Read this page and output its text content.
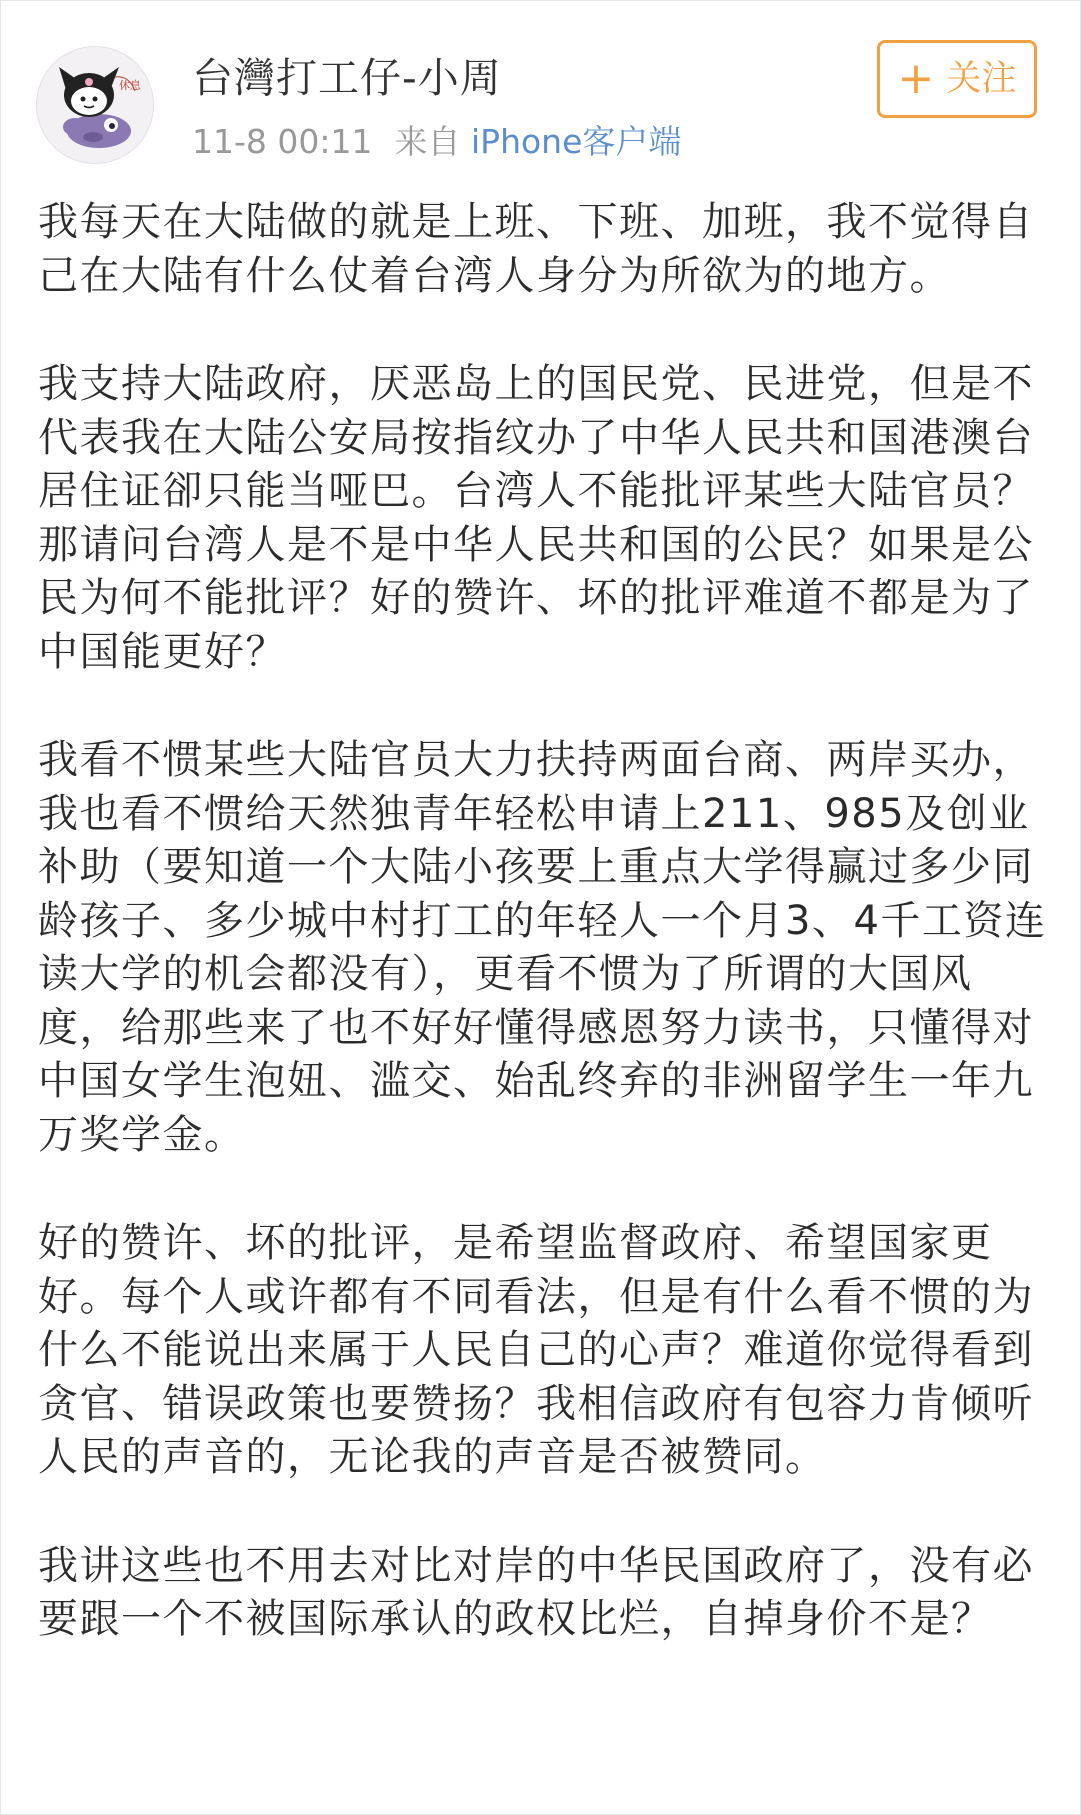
休息 台灣打工仔-小周
11-8 00:11 来自 iPhone客户端
+ 关注

我每天在大陆做的就是上班、下班、加班，我不觉得自己在大陆有什么仗着台湾人身分为所欲为的地方。

我支持大陆政府，厌恶岛上的国民党、民进党，但是不代表我在大陆公安局按指纹办了中华人民共和国港澳台居住证卻只能当哑巴。台湾人不能批评某些大陆官员？那请问台湾人是不是中华人民共和国的公民？如果是公民为何不能批评？好的赞许、坏的批评难道不都是为了中国能更好？

我看不惯某些大陆官员大力扶持两面台商、两岸买办，我也看不惯给天然独青年轻松申请上211、985及创业补助（要知道一个大陆小孩要上重点大学得赢过多少同龄孩子、多少城中村打工的年轻人一个月3、4千工资连读大学的机会都没有），更看不惯为了所谓的大国风度，给那些来了也不好好懂得感恩努力读书，只懂得对中国女学生泡妞、滥交、始乱终弃的非洲留学生一年九万奖学金。

好的赞许、坏的批评，是希望监督政府、希望国家更好。每个人或许都有不同看法，但是有什么看不惯的为什么不能说出来属于人民自己的心声？难道你觉得看到贪官、错误政策也要赞扬？我相信政府有包容力肯倾听人民的声音的，无论我的声音是否被赞同。

我讲这些也不用去对比对岸的中华民国政府了，没有必要跟一个不被国际承认的政权比烂，自掉身价不是？
